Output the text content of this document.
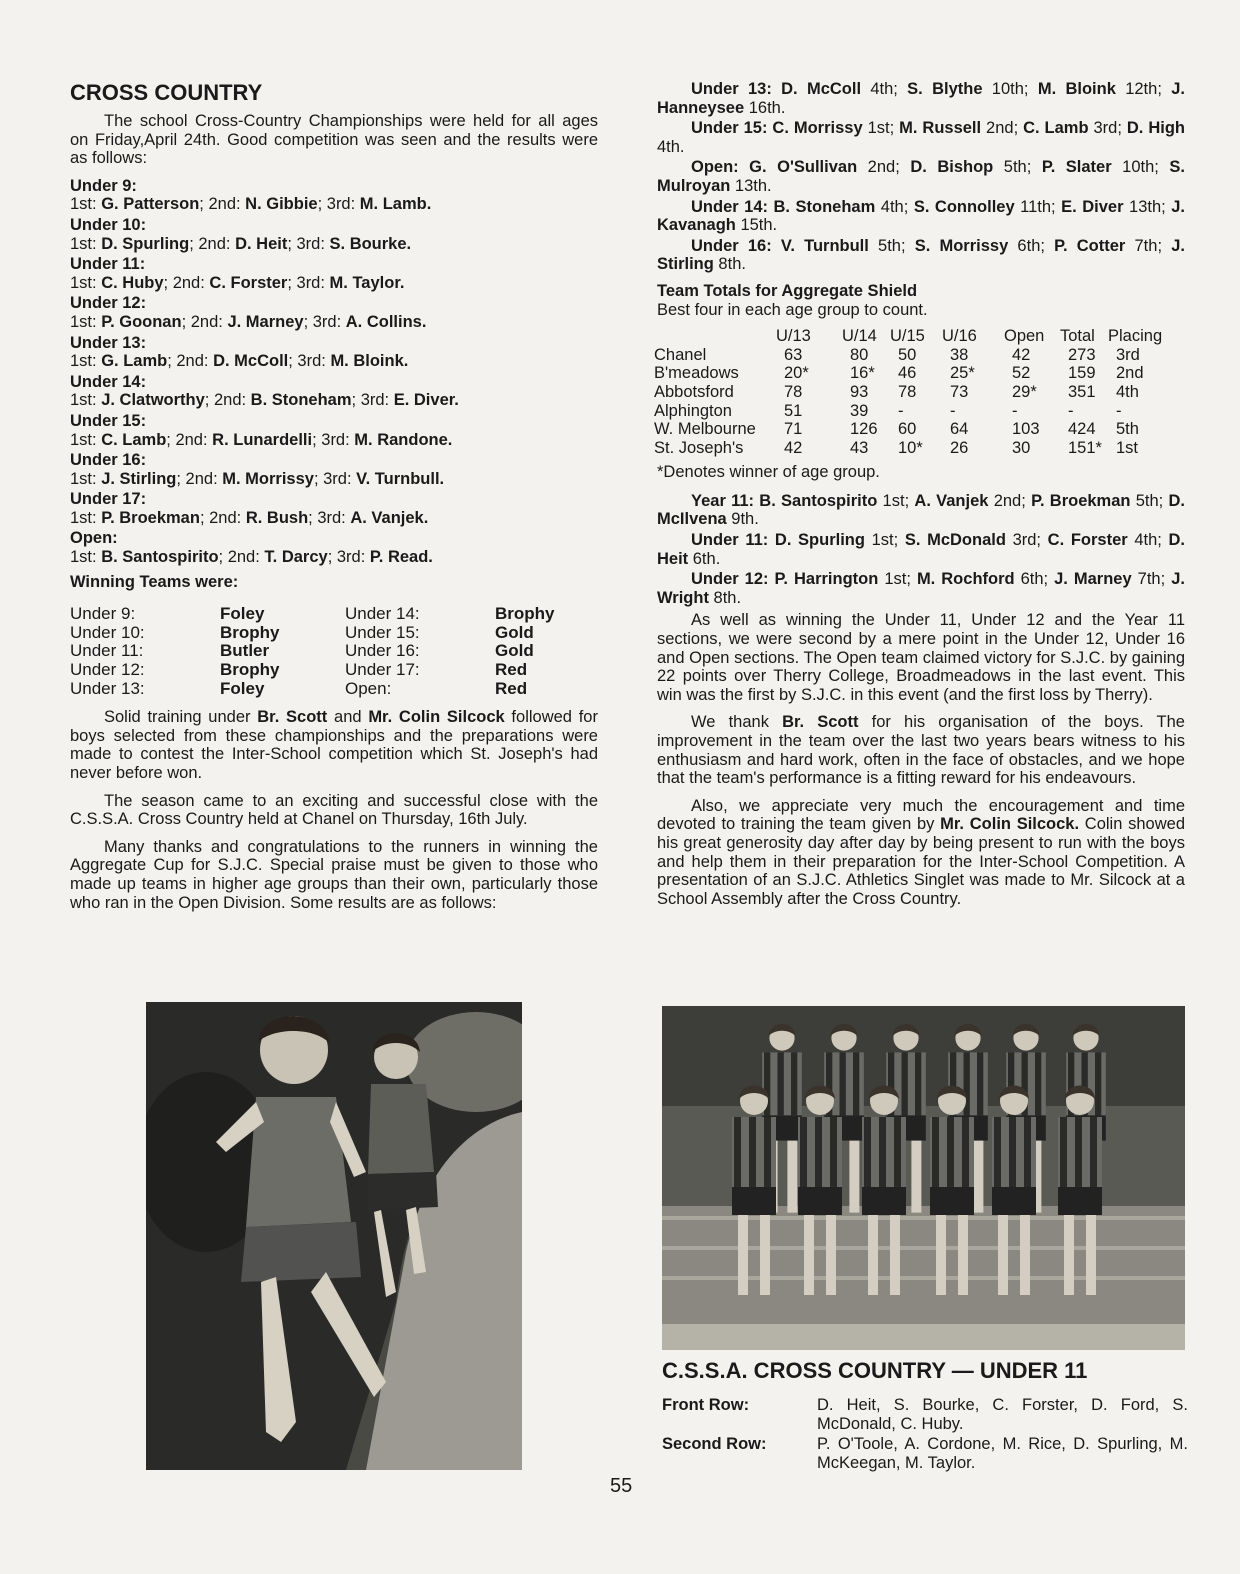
CROSS COUNTRY

The school Cross-Country Championships were held for all ages on Friday,April 24th. Good competition was seen and the results were as follows:

Under 9:
1st: G. Patterson; 2nd: N. Gibbie; 3rd: M. Lamb.
Under 10:
1st: D. Spurling; 2nd: D. Heit; 3rd: S. Bourke.
Under 11:
1st: C. Huby; 2nd: C. Forster; 3rd: M. Taylor.
Under 12:
1st: P. Goonan; 2nd: J. Marney; 3rd: A. Collins.
Under 13:
1st: G. Lamb; 2nd: D. McColl; 3rd: M. Bloink.
Under 14:
1st: J. Clatworthy; 2nd: B. Stoneham; 3rd: E. Diver.
Under 15:
1st: C. Lamb; 2nd: R. Lunardelli; 3rd: M. Randone.
Under 16:
1st: J. Stirling; 2nd: M. Morrissy; 3rd: V. Turnbull.
Under 17:
1st: P. Broekman; 2nd: R. Bush; 3rd: A. Vanjek.
Open:
1st: B. Santospirito; 2nd: T. Darcy; 3rd: P. Read.
Winning Teams were:
Under 9:	Foley	Under 14:	Brophy
Under 10:	Brophy	Under 15:	Gold
Under 11:	Butler	Under 16:	Gold
Under 12:	Brophy	Under 17:	Red
Under 13:	Foley	Open:	Red

Solid training under Br. Scott and Mr. Colin Silcock followed for boys selected from these championships and the preparations were made to contest the Inter-School competition which St. Joseph's had never before won.

The season came to an exciting and successful close with the C.S.S.A. Cross Country held at Chanel on Thursday, 16th July.

Many thanks and congratulations to the runners in winning the Aggregate Cup for S.J.C. Special praise must be given to those who made up teams in higher age groups than their own, particularly those who ran in the Open Division. Some results are as follows:

Under 13: D. McColl 4th; S. Blythe 10th; M. Bloink 12th; J. Hanneysee 16th.

Under 15: C. Morrissy 1st; M. Russell 2nd; C. Lamb 3rd; D. High 4th.

Open: G. O'Sullivan 2nd; D. Bishop 5th; P. Slater 10th; S. Mulroyan 13th.

Under 14: B. Stoneham 4th; S. Connolley 11th; E. Diver 13th; J. Kavanagh 15th.

Under 16: V. Turnbull 5th; S. Morrissy 6th; P. Cotter 7th; J. Stirling 8th.

Team Totals for Aggregate Shield
Best four in each age group to count.
	U/13	U/14	U/15	U/16	Open	Total	Placing
Chanel	63	80	50	38	42	273	3rd
B'meadows	20*	16*	46	25*	52	159	2nd
Abbotsford	78	93	78	73	29*	351	4th
Alphington	51	39	-	-	-	-	-
W. Melbourne	71	126	60	64	103	424	5th
St. Joseph's	42	43	10*	26	30	151*	1st
*Denotes winner of age group.

Year 11: B. Santospirito 1st; A. Vanjek 2nd; P. Broekman 5th; D. McIlvena 9th.

Under 11: D. Spurling 1st; S. McDonald 3rd; C. Forster 4th; D. Heit 6th.

Under 12: P. Harrington 1st; M. Rochford 6th; J. Marney 7th; J. Wright 8th.

As well as winning the Under 11, Under 12 and the Year 11 sections, we were second by a mere point in the Under 12, Under 16 and Open sections. The Open team claimed victory for S.J.C. by gaining 22 points over Therry College, Broadmeadows in the last event. This win was the first by S.J.C. in this event (and the first loss by Therry).

We thank Br. Scott for his organisation of the boys. The improvement in the team over the last two years bears witness to his enthusiasm and hard work, often in the face of obstacles, and we hope that the team's performance is a fitting reward for his endeavours.

Also, we appreciate very much the encouragement and time devoted to training the team given by Mr. Colin Silcock. Colin showed his great generosity day after day by being present to run with the boys and help them in their preparation for the Inter-School Competition. A presentation of an S.J.C. Athletics Singlet was made to Mr. Silcock at a School Assembly after the Cross Country.

C.S.S.A. CROSS COUNTRY — UNDER 11
Front Row:	D. Heit, S. Bourke, C. Forster, D. Ford, S. McDonald, C. Huby.
Second Row:	P. O'Toole, A. Cordone, M. Rice, D. Spurling, M. McKeegan, M. Taylor.
55
